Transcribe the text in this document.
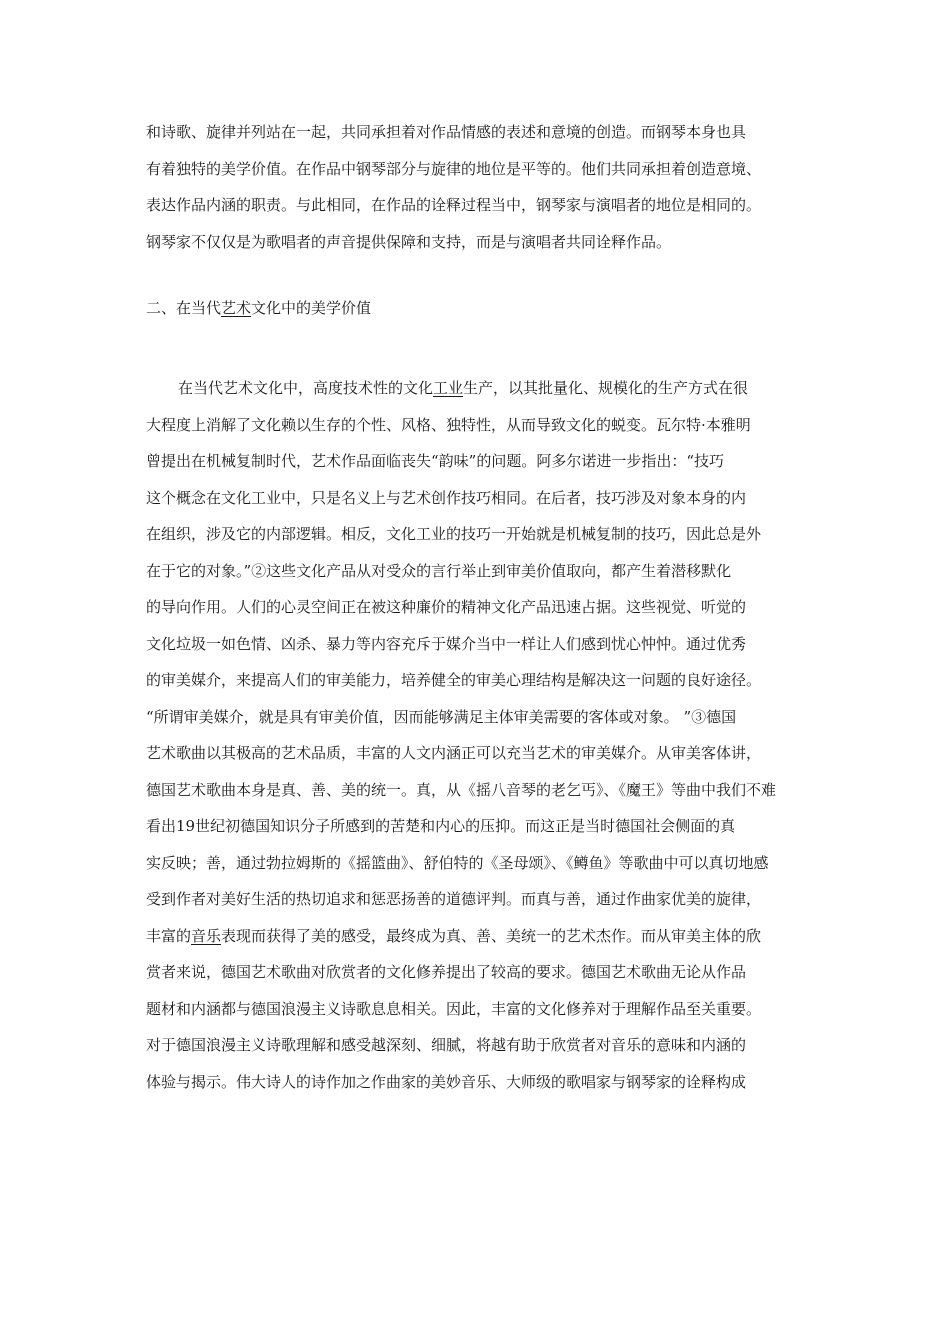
和诗歌、旋律并列站在一起，共同承担着对作品情感的表述和意境的创造。而钢琴本身也具
有着独特的美学价值。在作品中钢琴部分与旋律的地位是平等的。他们共同承担着创造意境、
表达作品内涵的职责。与此相同，在作品的诠释过程当中，钢琴家与演唱者的地位是相同的。
钢琴家不仅仅是为歌唱者的声音提供保障和支持，而是与演唱者共同诠释作品。
二、在当代艺术文化中的美学价值
在当代艺术文化中，高度技术性的文化工业生产，以其批量化、规模化的生产方式在很
大程度上消解了文化赖以生存的个性、风格、独特性，从而导致文化的蜕变。瓦尔特·本雅明
曾提出在机械复制时代，艺术作品面临丧失“韵味”的问题。阿多尔诺进一步指出：“技巧
这个概念在文化工业中，只是名义上与艺术创作技巧相同。在后者，技巧涉及对象本身的内
在组织，涉及它的内部逻辑。相反，文化工业的技巧一开始就是机械复制的技巧，因此总是外
在于它的对象。”②这些文化产品从对受众的言行举止到审美价值取向，都产生着潜移默化
的导向作用。人们的心灵空间正在被这种廉价的精神文化产品迅速占据。这些视觉、听觉的
文化垃圾一如色情、凶杀、暴力等内容充斥于媒介当中一样让人们感到忧心忡忡。通过优秀
的审美媒介，来提高人们的审美能力，培养健全的审美心理结构是解决这一问题的良好途径。
“所谓审美媒介，就是具有审美价值，因而能够满足主体审美需要的客体或对象。 ”③德国
艺术歌曲以其极高的艺术品质，丰富的人文内涵正可以充当艺术的审美媒介。从审美客体讲，
德国艺术歌曲本身是真、善、美的统一。真，从《摇八音琴的老乞丐》、《魔王》等曲中我们不难
看出19世纪初德国知识分子所感到的苦楚和内心的压抑。而这正是当时德国社会侧面的真
实反映；善，通过勃拉姆斯的《摇篮曲》、舒伯特的《圣母颂》、《鳟鱼》等歌曲中可以真切地感
受到作者对美好生活的热切追求和惩恶扬善的道德评判。而真与善，通过作曲家优美的旋律，
丰富的音乐表现而获得了美的感受，最终成为真、善、美统一的艺术杰作。而从审美主体的欣
赏者来说，德国艺术歌曲对欣赏者的文化修养提出了较高的要求。德国艺术歌曲无论从作品
题材和内涵都与德国浪漫主义诗歌息息相关。因此，丰富的文化修养对于理解作品至关重要。
对于德国浪漫主义诗歌理解和感受越深刻、细腻，将越有助于欣赏者对音乐的意味和内涵的
体验与揭示。伟大诗人的诗作加之作曲家的美妙音乐、大师级的歌唱家与钢琴家的诠释构成
